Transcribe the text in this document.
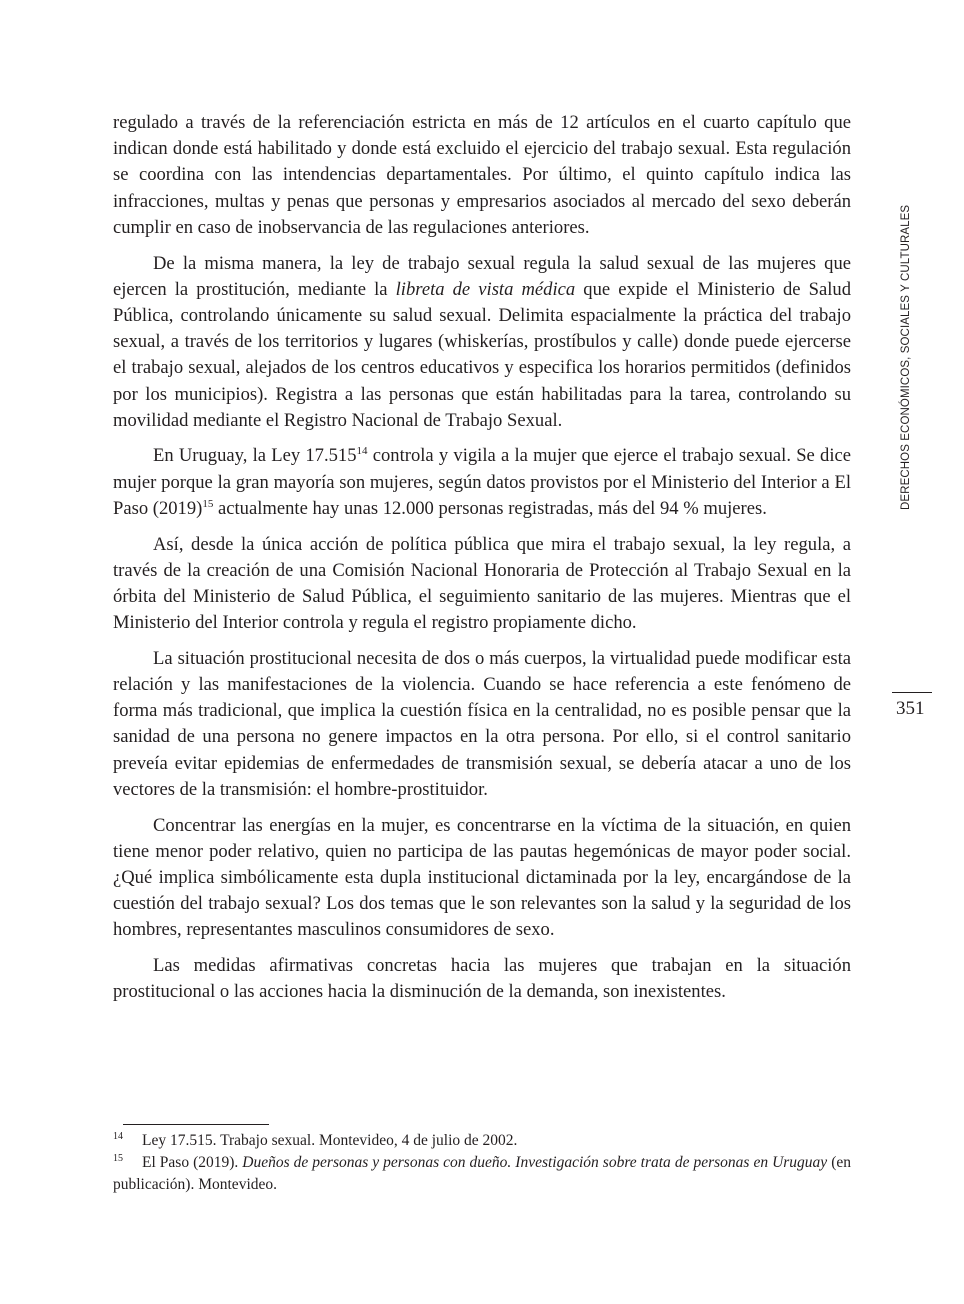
regulado a través de la referenciación estricta en más de 12 artículos en el cuarto capítulo que indican donde está habilitado y donde está excluido el ejercicio del trabajo sexual. Esta regulación se coordina con las intendencias departamentales. Por último, el quinto capítulo indica las infracciones, multas y penas que personas y empresarios asociados al mercado del sexo deberán cumplir en caso de inobservancia de las regulaciones anteriores.

De la misma manera, la ley de trabajo sexual regula la salud sexual de las mujeres que ejercen la prostitución, mediante la libreta de vista médica que expide el Ministerio de Salud Pública, controlando únicamente su salud sexual. Delimita espacialmente la práctica del trabajo sexual, a través de los territorios y lugares (whiskerías, prostíbulos y calle) donde puede ejercerse el trabajo sexual, alejados de los centros educativos y especifica los horarios permitidos (definidos por los municipios). Registra a las personas que están habilitadas para la tarea, controlando su movilidad mediante el Registro Nacional de Trabajo Sexual.

En Uruguay, la Ley 17.515$^{14}$ controla y vigila a la mujer que ejerce el trabajo sexual. Se dice mujer porque la gran mayoría son mujeres, según datos provistos por el Ministerio del Interior a El Paso $(2019)^{15}$ actualmente hay unas 12.000 personas registradas, más del 94 % mujeres.

Así, desde la única acción de política pública que mira el trabajo sexual, la ley regula, a través de la creación de una Comisión Nacional Honoraria de Protección al Trabajo Sexual en la órbita del Ministerio de Salud Pública, el seguimiento sanitario de las mujeres. Mientras que el Ministerio del Interior controla y regula el registro propiamente dicho.

La situación prostitucional necesita de dos o más cuerpos, la virtualidad puede modificar esta relación y las manifestaciones de la violencia. Cuando se hace referencia a este fenómeno de forma más tradicional, que implica la cuestión física en la centralidad, no es posible pensar que la sanidad de una persona no genere impactos en la otra persona. Por ello, si el control sanitario preveía evitar epidemias de enfermedades de transmisión sexual, se debería atacar a uno de los vectores de la transmisión: el hombre-prostituidor.

Concentrar las energías en la mujer, es concentrarse en la víctima de la situación, en quien tiene menor poder relativo, quien no participa de las pautas hegemónicas de mayor poder social. ¿Qué implica simbólicamente esta dupla institucional dictaminada por la ley, encargándose de la cuestión del trabajo sexual? Los dos temas que le son relevantes son la salud y la seguridad de los hombres, representantes masculinos consumidores de sexo.

Las medidas afirmativas concretas hacia las mujeres que trabajan en la situación prostitucional o las acciones hacia la disminución de la demanda, son inexistentes.

DERECHOS ECONÓMICOS, SOCIALES Y CULTURALES
351

14 Ley 17.515. Trabajo sexual. Montevideo, 4 de julio de 2002.

15 El Paso (2019). Dueños de personas y personas con dueño. Investigación sobre trata de personas en Uruguay (en publicación). Montevideo.
